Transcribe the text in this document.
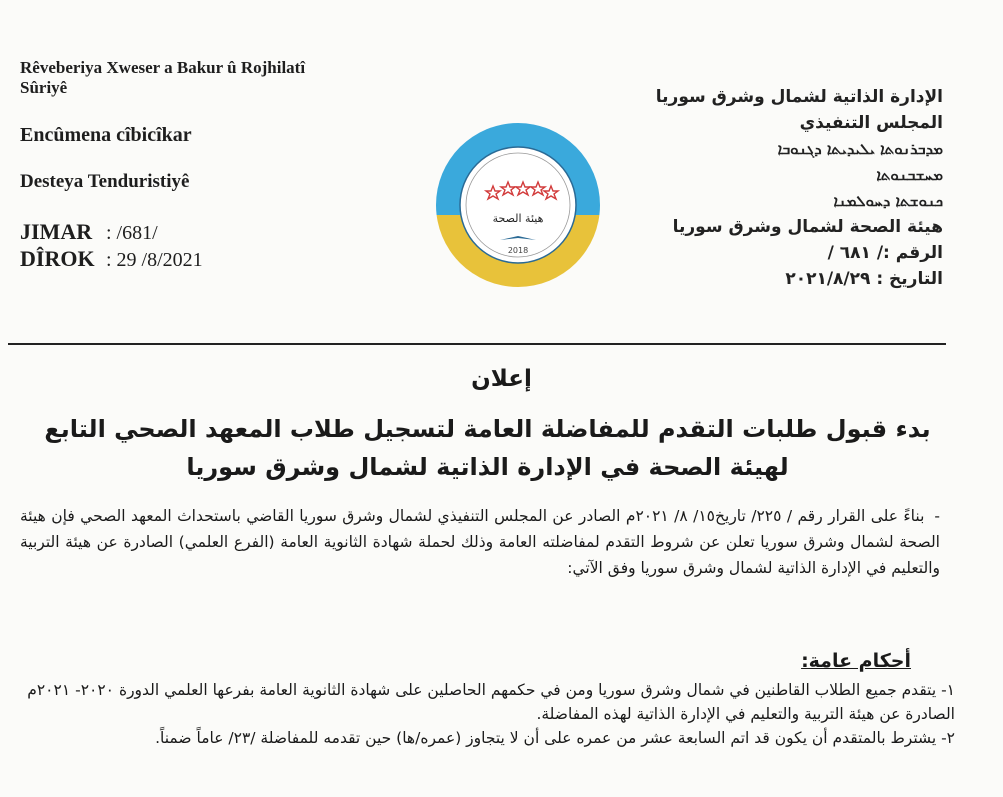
Rêveberiya Xweser a Bakur û Rojhilatî Sûriyê
Encûmena cîbicîkar
Desteya Tenduristiyê
JIMAR : /681/
DÎROK : 29 /8/2021
هيئة الصحة
2018
الإدارة الذاتية لشمال وشرق سوريا
المجلس التنفيذي
ܡܕܒܪܢܘܬܐ ܝܠܝܕܝܬܐ ܕܓܢܘܒܐ
ܡܚܫܒܢܘܬܐ
ܟܢܘܫܬܐ ܕܚܘܠܡܢܐ
هيئة الصحة لشمال وشرق سوريا
الرقم :/ ٦٨١ /
التاريخ : ٢٠٢١/٨/٢٩
إعلان
بدء قبول طلبات التقدم للمفاضلة العامة لتسجيل طلاب المعهد الصحي التابع لهيئة الصحة في الإدارة الذاتية لشمال وشرق سوريا
-بناءً على القرار رقم / ٢٢٥/ تاريخ١٥/ ٨/ ٢٠٢١م الصادر عن المجلس التنفيذي لشمال وشرق سوريا القاضي باستحداث المعهد الصحي فإن هيئة الصحة لشمال وشرق سوريا تعلن عن شروط التقدم لمفاضلته العامة وذلك لحملة شهادة الثانوية العامة (الفرع العلمي) الصادرة عن هيئة التربية والتعليم في الإدارة الذاتية لشمال وشرق سوريا وفق الآتي:
أحكام عامة:
١- يتقدم جميع الطلاب القاطنين في شمال وشرق سوريا ومن في حكمهم الحاصلين على شهادة الثانوية العامة بفرعها العلمي الدورة ٢٠٢٠- ٢٠٢١م الصادرة عن هيئة التربية والتعليم في الإدارة الذاتية لهذه المفاضلة.
٢- يشترط بالمتقدم أن يكون قد اتم السابعة عشر من عمره على أن لا يتجاوز (عمره/ها) حين تقدمه للمفاضلة /٢٣/ عاماً ضمناً.
